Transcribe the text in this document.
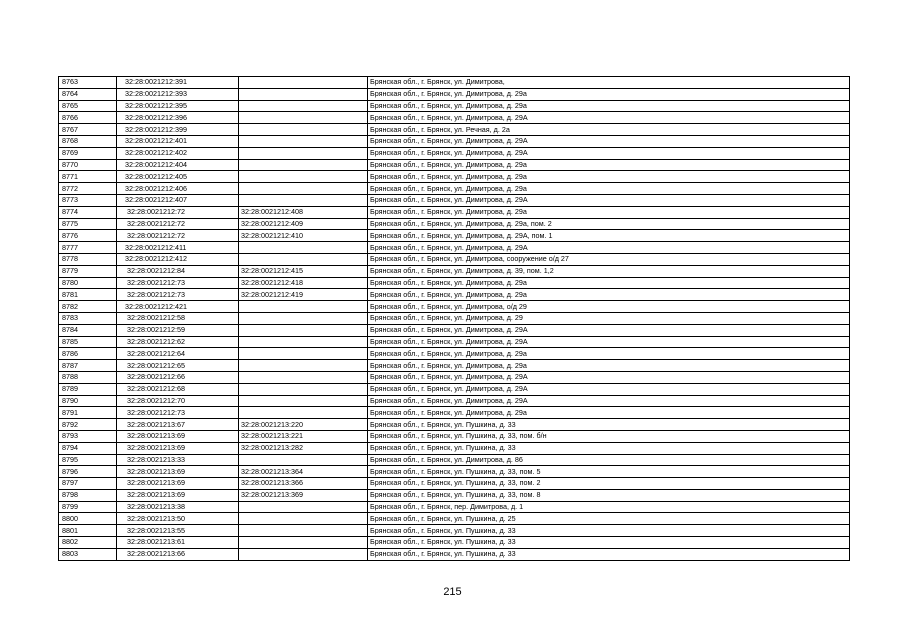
8763	32:28:0021212:391		Брянская обл., г. Брянск, ул. Димитрова,
8764	32:28:0021212:393		Брянская обл., г. Брянск, ул. Димитрова, д. 29а
8765	32:28:0021212:395		Брянская обл., г. Брянск, ул. Димитрова, д. 29а
8766	32:28:0021212:396		Брянская обл., г. Брянск, ул. Димитрова, д. 29А
8767	32:28:0021212:399		Брянская обл., г. Брянск, ул. Речная, д. 2а
8768	32:28:0021212:401		Брянская обл., г. Брянск, ул. Димитрова, д. 29А
8769	32:28:0021212:402		Брянская обл., г. Брянск, ул. Димитрова, д. 29А
8770	32:28:0021212:404		Брянская обл., г. Брянск, ул. Димитрова, д. 29а
8771	32:28:0021212:405		Брянская обл., г. Брянск, ул. Димитрова, д. 29а
8772	32:28:0021212:406		Брянская обл., г. Брянск, ул. Димитрова, д. 29а
8773	32:28:0021212:407		Брянская обл., г. Брянск, ул. Димитрова, д. 29А
8774	32:28:0021212:72	32:28:0021212:408	Брянская обл., г. Брянск, ул. Димитрова, д. 29а
8775	32:28:0021212:72	32:28:0021212:409	Брянская обл., г. Брянск, ул. Димитрова, д. 29а, пом. 2
8776	32:28:0021212:72	32:28:0021212:410	Брянская обл., г. Брянск, ул. Димитрова, д. 29А, пом. 1
8777	32:28:0021212:411		Брянская обл., г. Брянск, ул. Димитрова, д. 29А
8778	32:28:0021212:412		Брянская обл., г. Брянск, ул. Димитрова, сооружение о/д 27
8779	32:28:0021212:84	32:28:0021212:415	Брянская обл., г. Брянск, ул. Димитрова, д. 39, пом. 1,2
8780	32:28:0021212:73	32:28:0021212:418	Брянская обл., г. Брянск, ул. Димитрова, д. 29а
8781	32:28:0021212:73	32:28:0021212:419	Брянская обл., г. Брянск, ул. Димитрова, д. 29а
8782	32:28:0021212:421		Брянская обл., г. Брянск, ул. Димитрова, о/д 29
8783	32:28:0021212:58		Брянская обл., г. Брянск, ул. Димитрова, д. 29
8784	32:28:0021212:59		Брянская обл., г. Брянск, ул. Димитрова, д. 29А
8785	32:28:0021212:62		Брянская обл., г. Брянск, ул. Димитрова, д. 29А
8786	32:28:0021212:64		Брянская обл., г. Брянск, ул. Димитрова, д. 29а
8787	32:28:0021212:65		Брянская обл., г. Брянск, ул. Димитрова, д. 29а
8788	32:28:0021212:66		Брянская обл., г. Брянск, ул. Димитрова, д. 29А
8789	32:28:0021212:68		Брянская обл., г. Брянск, ул. Димитрова, д. 29А
8790	32:28:0021212:70		Брянская обл., г. Брянск, ул. Димитрова, д. 29А
8791	32:28:0021212:73		Брянская обл., г. Брянск, ул. Димитрова, д. 29а
8792	32:28:0021213:67	32:28:0021213:220	Брянская обл., г. Брянск, ул. Пушкина, д. 33
8793	32:28:0021213:69	32:28:0021213:221	Брянская обл., г. Брянск, ул. Пушкина, д. 33, пом. б/н
8794	32:28:0021213:69	32:28:0021213:282	Брянская обл., г. Брянск, ул. Пушкина, д. 33
8795	32:28:0021213:33		Брянская обл., г. Брянск, ул. Димитрова, д. 86
8796	32:28:0021213:69	32:28:0021213:364	Брянская обл., г. Брянск, ул. Пушкина, д. 33, пом. 5
8797	32:28:0021213:69	32:28:0021213:366	Брянская обл., г. Брянск, ул. Пушкина, д. 33, пом. 2
8798	32:28:0021213:69	32:28:0021213:369	Брянская обл., г. Брянск, ул. Пушкина, д. 33, пом. 8
8799	32:28:0021213:38		Брянская обл., г. Брянск, пер. Димитрова, д. 1
8800	32:28:0021213:50		Брянская обл., г. Брянск, ул. Пушкина, д. 25
8801	32:28:0021213:55		Брянская обл., г. Брянск, ул. Пушкина, д. 33
8802	32:28:0021213:61		Брянская обл., г. Брянск, ул. Пушкина, д. 33
8803	32:28:0021213:66		Брянская обл., г. Брянск, ул. Пушкина, д. 33
215
